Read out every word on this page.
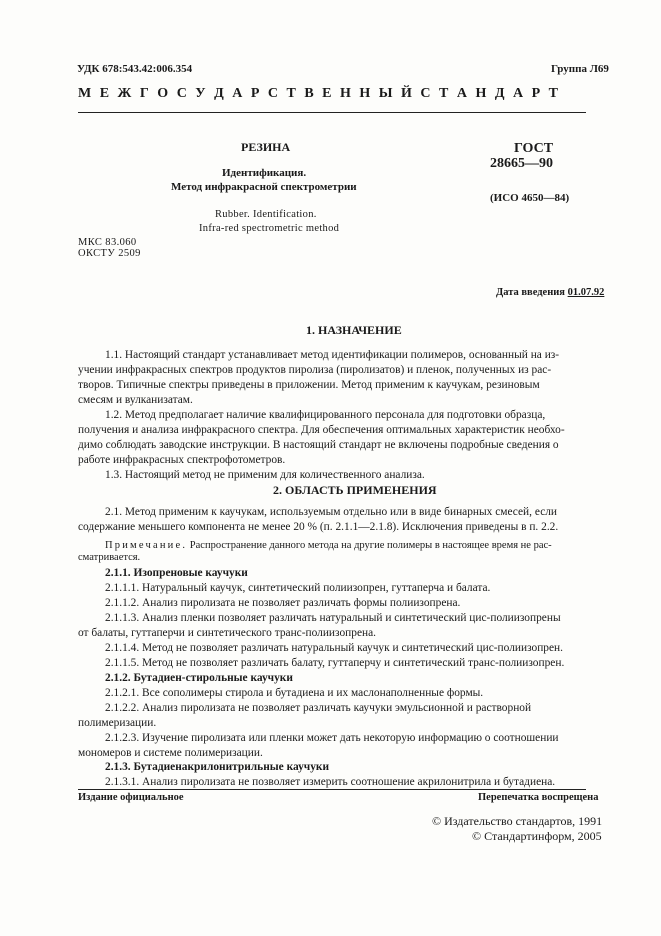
УДК 678:543.42:006.354	Группа Л69
М Е Ж Г О С У Д А Р С Т В Е Н Н Ы Й С Т А Н Д А Р Т
РЕЗИНА
Идентификация.
Метод инфракрасной спектрометрии
Rubber. Identification.
Infra-red spectrometric method
ГОСТ
28665—90
(ИСО 4650—84)
МКС 83.060
ОКСТУ 2509
Дата введения 01.07.92
1. НАЗНАЧЕНИЕ
1.1. Настоящий стандарт устанавливает метод идентификации полимеров, основанный на из-
учении инфракрасных спектров продуктов пиролиза (пиролизатов) и пленок, полученных из рас-
творов. Типичные спектры приведены в приложении. Метод применим к каучукам, резиновым
смесям и вулканизатам.
1.2. Метод предполагает наличие квалифицированного персонала для подготовки образца,
получения и анализа инфракрасного спектра. Для обеспечения оптимальных характеристик необхо-
димо соблюдать заводские инструкции. В настоящий стандарт не включены подробные сведения о
работе инфракрасных спектрофотометров.
1.3. Настоящий метод не применим для количественного анализа.
2. ОБЛАСТЬ ПРИМЕНЕНИЯ
2.1. Метод применим к каучукам, используемым отдельно или в виде бинарных смесей, если
содержание меньшего компонента не менее 20 % (п. 2.1.1—2.1.8). Исключения приведены в п. 2.2.
Примечание. Распространение данного метода на другие полимеры в настоящее время не рас-
сматривается.
2.1.1. Изопреновые каучуки
2.1.1.1. Натуральный каучук, синтетический полиизопрен, гуттаперча и балата.
2.1.1.2. Анализ пиролизата не позволяет различать формы полиизопрена.
2.1.1.3. Анализ пленки позволяет различать натуральный и синтетический цис-полиизопрены
от балаты, гуттаперчи и синтетического транс-полиизопрена.
2.1.1.4. Метод не позволяет различать натуральный каучук и синтетический цис-полиизопрен.
2.1.1.5. Метод не позволяет различать балату, гуттаперчу и синтетический транс-полиизопрен.
2.1.2. Бутадиен-стирольные каучуки
2.1.2.1. Все сополимеры стирола и бутадиена и их маслонаполненные формы.
2.1.2.2. Анализ пиролизата не позволяет различать каучуки эмульсионной и растворной
полимеризации.
2.1.2.3. Изучение пиролизата или пленки может дать некоторую информацию о соотношении
мономеров и системе полимеризации.
2.1.3. Бутадиенакрилонитрильные каучуки
2.1.3.1. Анализ пиролизата не позволяет измерить соотношение акрилонитрила и бутадиена.
Издание официальное	Перепечатка воспрещена
© Издательство стандартов, 1991
© Стандартинформ, 2005
